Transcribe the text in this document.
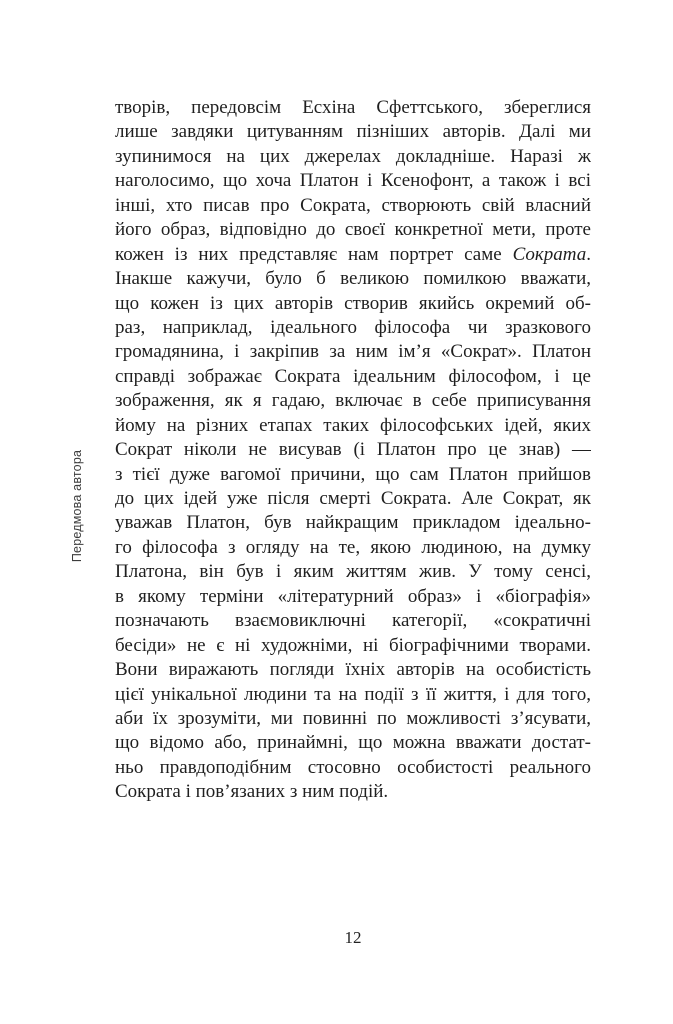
Передмова автора
творів, передовсім Есхіна Сфеттського, збереглися
лише завдяки цитуванням пізніших авторів. Далі ми
зупинимося на цих джерелах докладніше. Наразі ж
наголосимо, що хоча Платон і Ксенофонт, а також і всі
інші, хто писав про Сократа, створюють свій власний
його образ, відповідно до своєї конкретної мети, проте
кожен із них представляє нам портрет саме Сократа.
Інакше кажучи, було б великою помилкою вважати,
що кожен із цих авторів створив якийсь окремий об-
раз, наприклад, ідеального філософа чи зразкового
громадянина, і закріпив за ним ім’я «Сократ». Платон
справді зображає Сократа ідеальним філософом, і це
зображення, як я гадаю, включає в себе приписування
йому на різних етапах таких філософських ідей, яких
Сократ ніколи не висував (і Платон про це знав) —
з тієї дуже вагомої причини, що сам Платон прийшов
до цих ідей уже після смерті Сократа. Але Сократ, як
уважав Платон, був найкращим прикладом ідеально-
го філософа з огляду на те, якою людиною, на думку
Платона, він був і яким життям жив. У тому сенсі,
в якому терміни «літературний образ» і «біографія»
позначають взаємовиключні категорії, «сократичні
бесіди» не є ні художніми, ні біографічними творами.
Вони виражають погляди їхніх авторів на особистість
цієї унікальної людини та на події з її життя, і для того,
аби їх зрозуміти, ми повинні по можливості з’ясувати,
що відомо або, принаймні, що можна вважати достат-
ньо правдоподібним стосовно особистості реального
Сократа і пов’язаних з ним подій.
12
